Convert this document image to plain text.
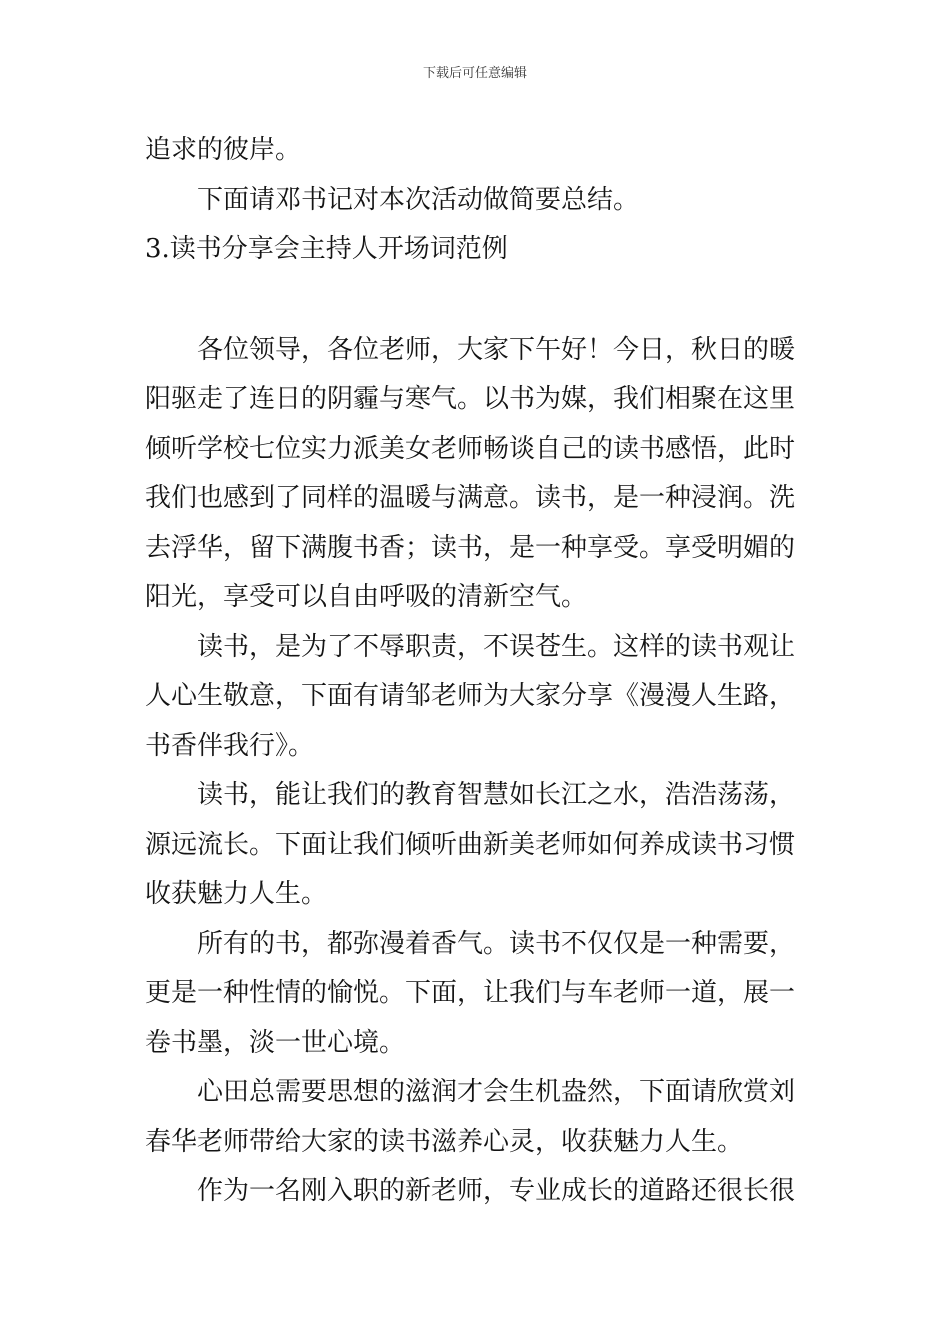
下载后可任意编辑
追求的彼岸。
　　下面请邓书记对本次活动做简要总结。
3.读书分享会主持人开场词范例
　　各位领导，各位老师，大家下午好！今日，秋日的暖
阳驱走了连日的阴霾与寒气。以书为媒，我们相聚在这里
倾听学校七位实力派美女老师畅谈自己的读书感悟，此时
我们也感到了同样的温暖与满意。读书，是一种浸润。洗
去浮华，留下满腹书香；读书，是一种享受。享受明媚的
阳光，享受可以自由呼吸的清新空气。
　　读书，是为了不辱职责，不误苍生。这样的读书观让
人心生敬意，下面有请邹老师为大家分享《漫漫人生路，
书香伴我行》。
　　读书，能让我们的教育智慧如长江之水，浩浩荡荡，
源远流长。下面让我们倾听曲新美老师如何养成读书习惯
收获魅力人生。
　　所有的书，都弥漫着香气。读书不仅仅是一种需要，
更是一种性情的愉悦。下面，让我们与车老师一道，展一
卷书墨，淡一世心境。
　　心田总需要思想的滋润才会生机盎然，下面请欣赏刘
春华老师带给大家的读书滋养心灵，收获魅力人生。
　　作为一名刚入职的新老师，专业成长的道路还很长很
